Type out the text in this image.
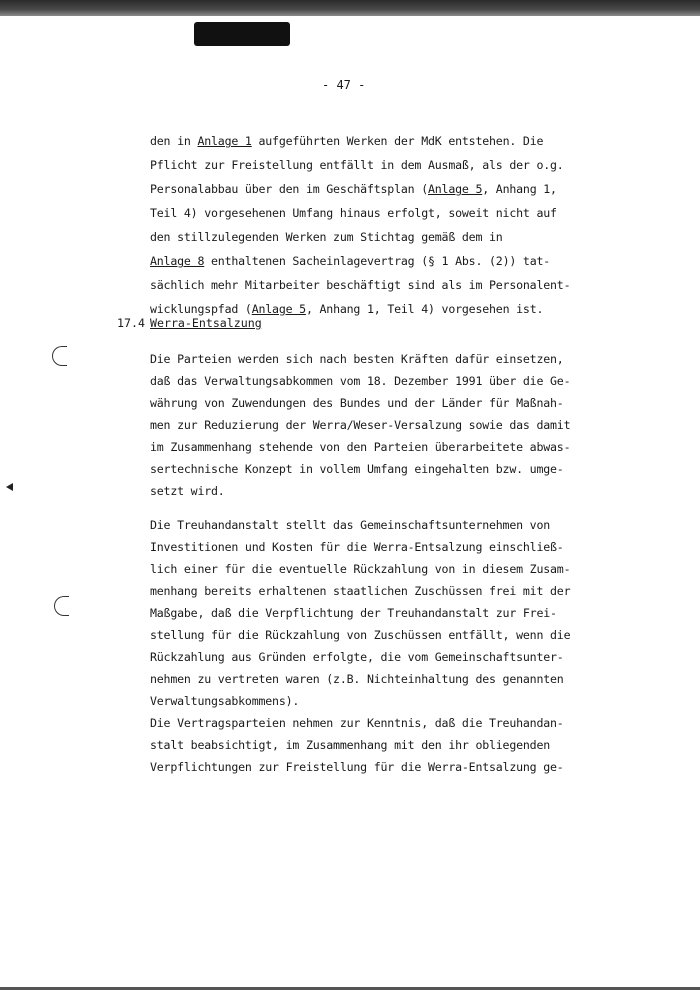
- 47 -
den in Anlage 1 aufgeführten Werken der MdK entstehen. Die
Pflicht zur Freistellung entfällt in dem Ausmaß, als der o.g.
Personalabbau über den im Geschäftsplan (Anlage 5, Anhang 1,
Teil 4) vorgesehenen Umfang hinaus erfolgt, soweit nicht auf
den stillzulegenden Werken zum Stichtag gemäß dem in
Anlage 8 enthaltenen Sacheinlagevertrag (§ 1 Abs. (2)) tat-
sächlich mehr Mitarbeiter beschäftigt sind als im Personalent-
wicklungspfad (Anlage 5, Anhang 1, Teil 4) vorgesehen ist.
17.4 Werra-Entsalzung
Die Parteien werden sich nach besten Kräften dafür einsetzen,
daß das Verwaltungsabkommen vom 18. Dezember 1991 über die Ge-
währung von Zuwendungen des Bundes und der Länder für Maßnah-
men zur Reduzierung der Werra/Weser-Versalzung sowie das damit
im Zusammenhang stehende von den Parteien überarbeitete abwas-
sertechnische Konzept in vollem Umfang eingehalten bzw. umge-
setzt wird.
Die Treuhandanstalt stellt das Gemeinschaftsunternehmen von
Investitionen und Kosten für die Werra-Entsalzung einschließ-
lich einer für die eventuelle Rückzahlung von in diesem Zusam-
menhang bereits erhaltenen staatlichen Zuschüssen frei mit der
Maßgabe, daß die Verpflichtung der Treuhandanstalt zur Frei-
stellung für die Rückzahlung von Zuschüssen entfällt, wenn die
Rückzahlung aus Gründen erfolgte, die vom Gemeinschaftsunter-
nehmen zu vertreten waren (z.B. Nichteinhaltung des genannten
Verwaltungsabkommens).
Die Vertragsparteien nehmen zur Kenntnis, daß die Treuhandan-
stalt beabsichtigt, im Zusammenhang mit den ihr obliegenden
Verpflichtungen zur Freistellung für die Werra-Entsalzung ge-
